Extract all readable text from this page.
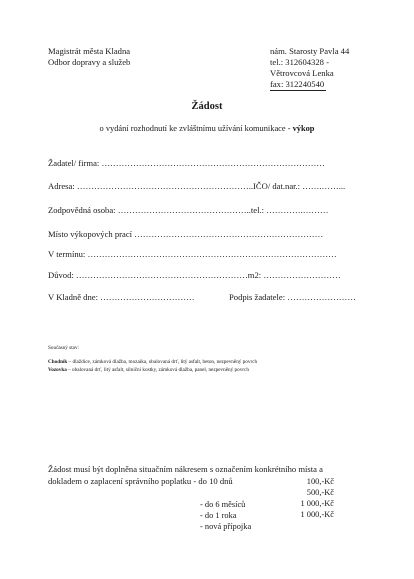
Magistrát města Kladna
Odbor dopravy a služeb
nám. Starosty Pavla 44
tel.: 312604328 -
Větrovcová Lenka
fax: 312240540
Žádost
o vydání rozhodnutí ke zvláštnímu užívání komunikace - výkop
Žadatel/ firma: ……………………………………………………………………
Adresa: ……………………………………………………..IČO/ dat.nar.: …….……...
Zodpovědná osoba: ………………………………………..tel.: ………….………
Místo výkopových prací …………………………………………………………
V termínu: ……………………………………………………………………………
Důvod: ……………………………………………………m2: ………………………
V Kladně dne: ……………………………	Podpis žadatele: ……………………
Současný stav:
Chodník – dlaždice, zámková dlažba, mozaika, obalovaná drť, litý asfalt, beton, nezpevněný povrch
Vozovka – obalovaná drť, litý asfalt, silniční kostky, zámková dlažba, panel, nezpevněný povrch
Žádost musí být doplněna situačním nákresem s označením konkrétního místa a
dokladem o zaplacení správního poplatku - do 10 dnů

- do 6 měsíců
- do 1 roka
- nová přípojka
100,-Kč
500,-Kč
1 000,-Kč
1 000,-Kč
